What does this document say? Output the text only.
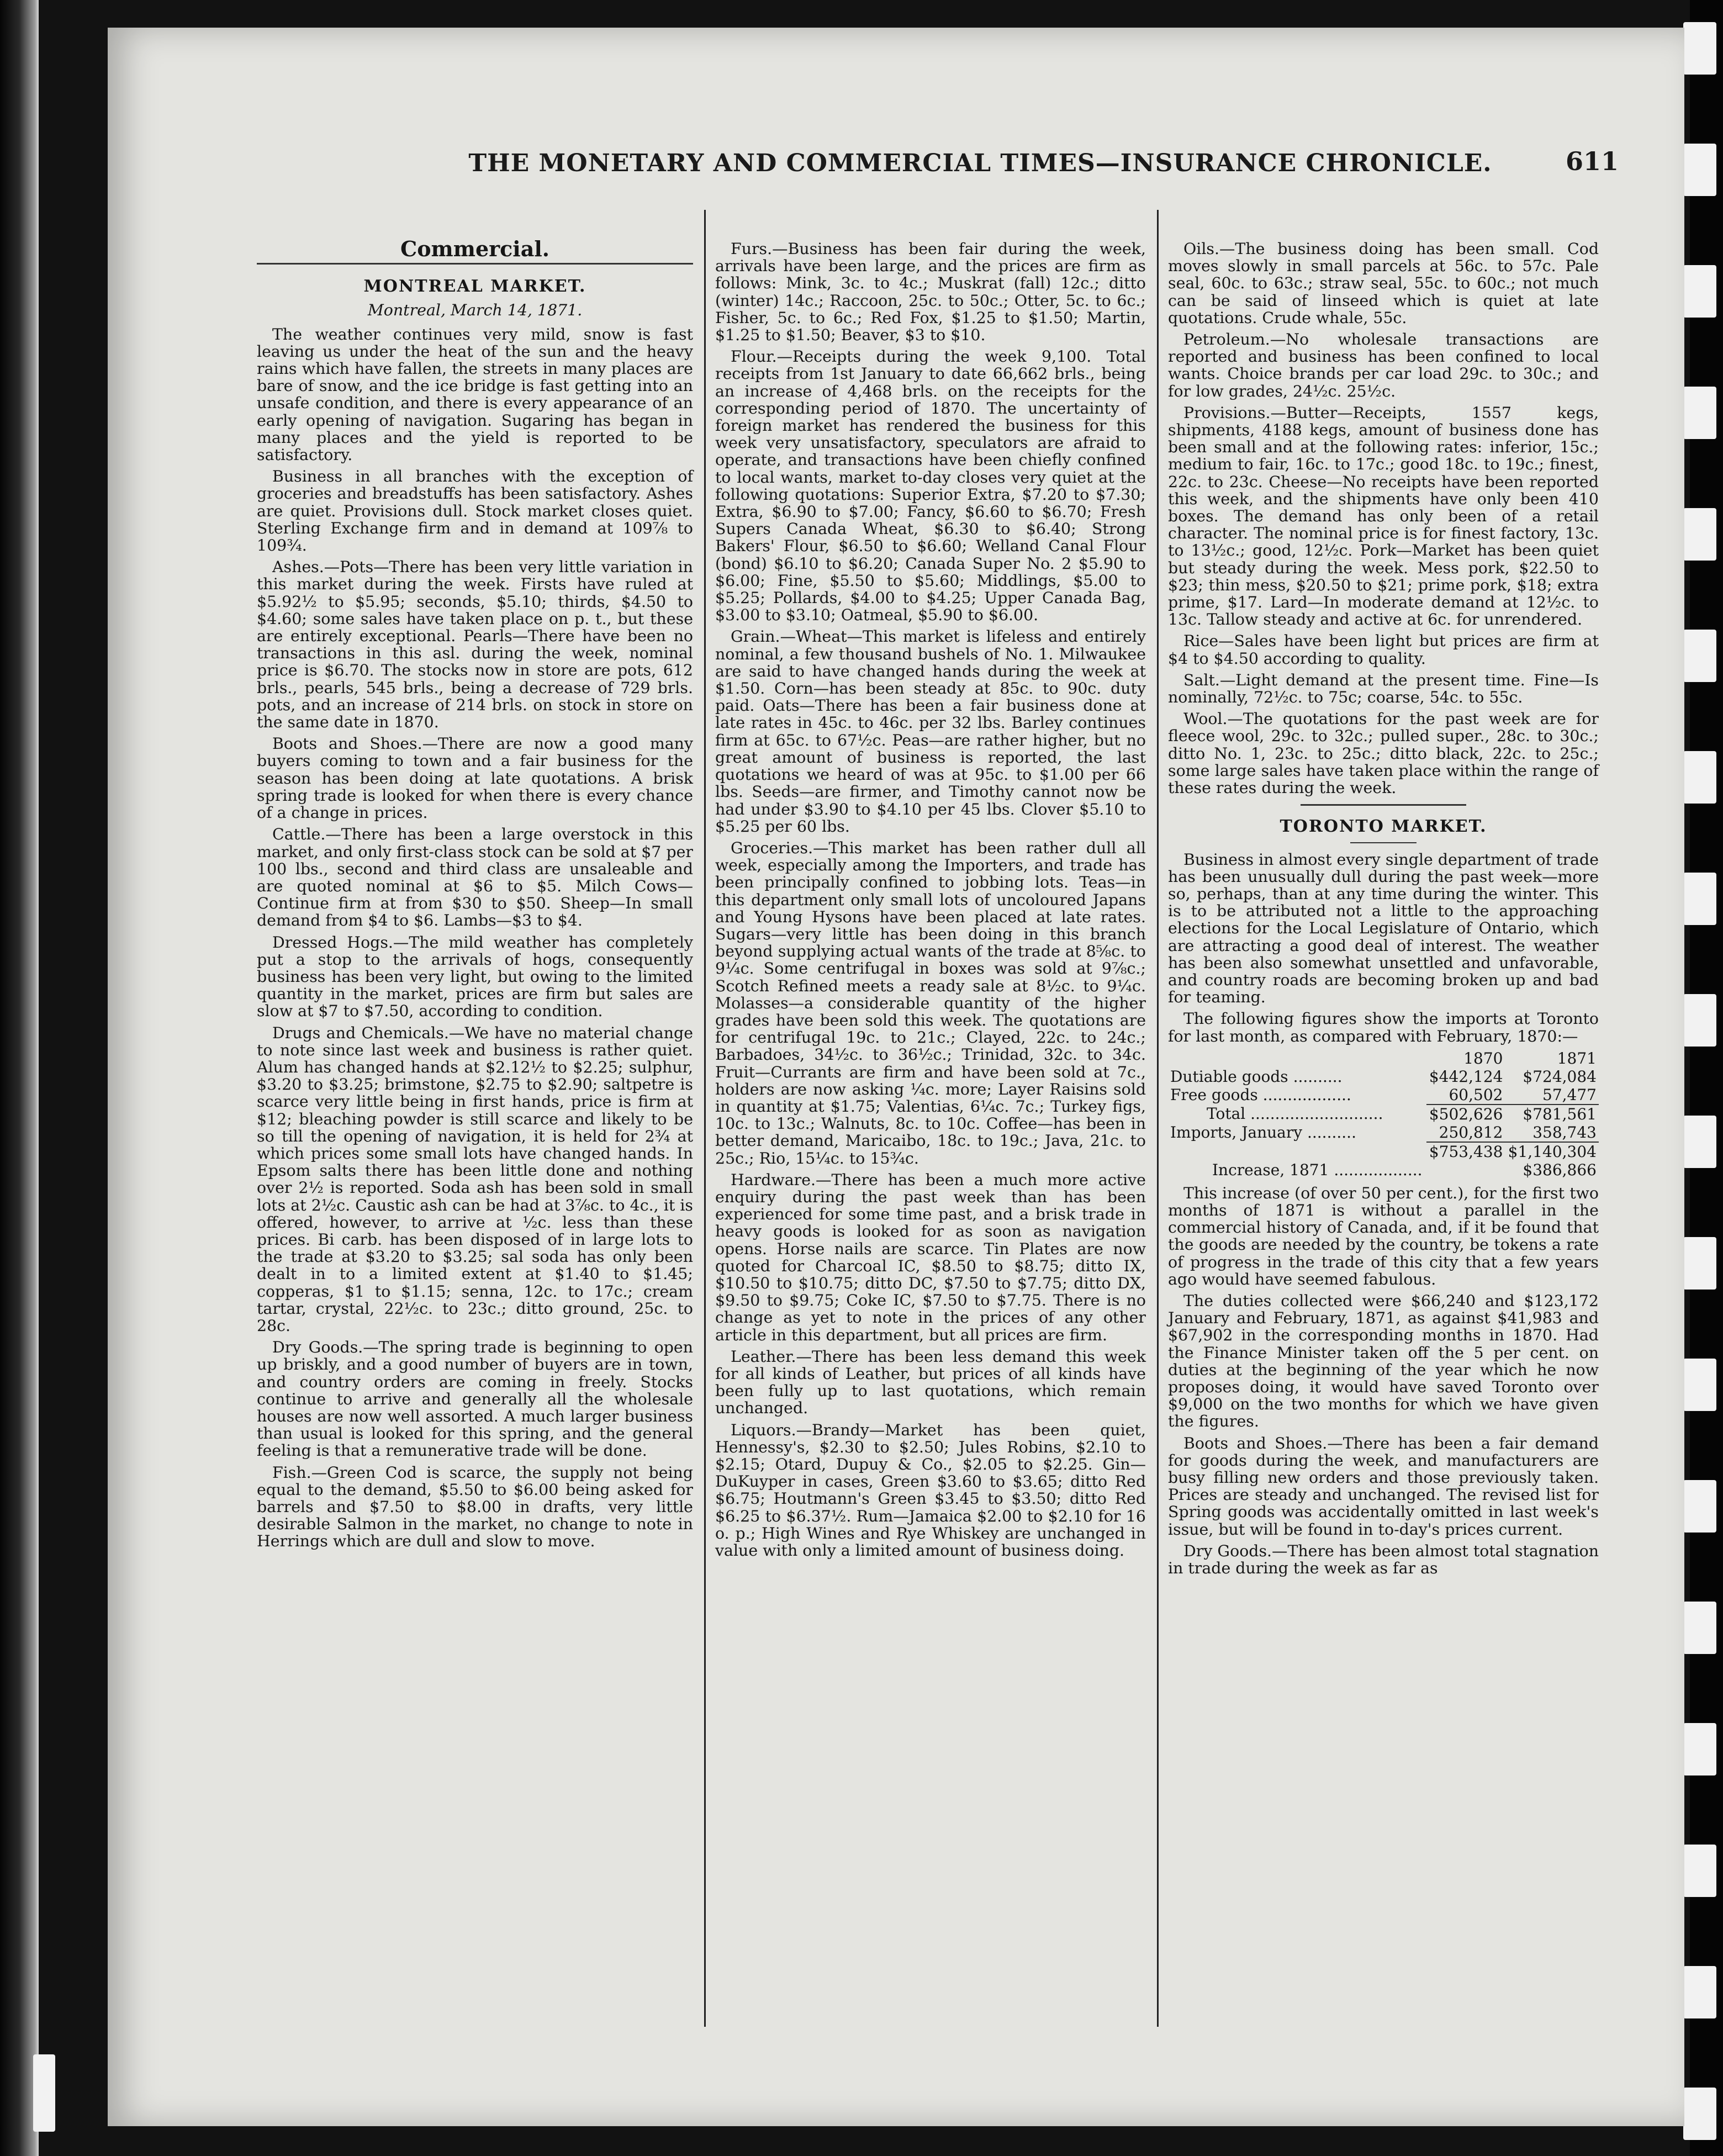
THE MONETARY AND COMMERCIAL TIMES—INSURANCE CHRONICLE.	611
Commercial.
MONTREAL MARKET.

Montreal, March 14, 1871.

The weather continues very mild, snow is fast leaving us under the heat of the sun and the heavy rains which have fallen, the streets in many places are bare of snow, and the ice bridge is fast getting into an unsafe condition, and there is every appearance of an early opening of navigation. Sugaring has began in many places and the yield is reported to be satisfactory.

Business in all branches with the exception of groceries and breadstuffs has been satisfactory. Ashes are quiet. Provisions dull. Stock market closes quiet. Sterling Exchange firm and in demand at 109⅞ to 109¾.

Ashes.—Pots—There has been very little variation in this market during the week. Firsts have ruled at $5.92½ to $5.95; seconds, $5.10; thirds, $4.50 to $4.60; some sales have taken place on p. t., but these are entirely exceptional. Pearls—There have been no transactions in this asl. during the week, nominal price is $6.70. The stocks now in store are pots, 612 brls., pearls, 545 brls., being a decrease of 729 brls. pots, and an increase of 214 brls. on stock in store on the same date in 1870.

Boots and Shoes.—There are now a good many buyers coming to town and a fair business for the season has been doing at late quotations. A brisk spring trade is looked for when there is every chance of a change in prices.

Cattle.—There has been a large overstock in this market, and only first-class stock can be sold at $7 per 100 lbs., second and third class are unsaleable and are quoted nominal at $6 to $5. Milch Cows—Continue firm at from $30 to $50. Sheep—In small demand from $4 to $6. Lambs—$3 to $4.

Dressed Hogs.—The mild weather has completely put a stop to the arrivals of hogs, consequently business has been very light, but owing to the limited quantity in the market, prices are firm but sales are slow at $7 to $7.50, according to condition.

Drugs and Chemicals.—We have no material change to note since last week and business is rather quiet. Alum has changed hands at $2.12½ to $2.25; sulphur, $3.20 to $3.25; brimstone, $2.75 to $2.90; saltpetre is scarce very little being in first hands, price is firm at $12; bleaching powder is still scarce and likely to be so till the opening of navigation, it is held for 2¾ at which prices some small lots have changed hands. In Epsom salts there has been little done and nothing over 2½ is reported. Soda ash has been sold in small lots at 2½c. Caustic ash can be had at 3⅞c. to 4c., it is offered, however, to arrive at ½c. less than these prices. Bi carb. has been disposed of in large lots to the trade at $3.20 to $3.25; sal soda has only been dealt in to a limited extent at $1.40 to $1.45; copperas, $1 to $1.15; senna, 12c. to 17c.; cream tartar, crystal, 22½c. to 23c.; ditto ground, 25c. to 28c.

Dry Goods.—The spring trade is beginning to open up briskly, and a good number of buyers are in town, and country orders are coming in freely. Stocks continue to arrive and generally all the wholesale houses are now well assorted. A much larger business than usual is looked for this spring, and the general feeling is that a remunerative trade will be done.

Fish.—Green Cod is scarce, the supply not being equal to the demand, $5.50 to $6.00 being asked for barrels and $7.50 to $8.00 in drafts, very little desirable Salmon in the market, no change to note in Herrings which are dull and slow to move.

Furs.—Business has been fair during the week, arrivals have been large, and the prices are firm as follows: Mink, 3c. to 4c.; Muskrat (fall) 12c.; ditto (winter) 14c.; Raccoon, 25c. to 50c.; Otter, 5c. to 6c.; Fisher, 5c. to 6c.; Red Fox, $1.25 to $1.50; Martin, $1.25 to $1.50; Beaver, $3 to $10.

Flour.—Receipts during the week 9,100. Total receipts from 1st January to date 66,662 brls., being an increase of 4,468 brls. on the receipts for the corresponding period of 1870. The uncertainty of foreign market has rendered the business for this week very unsatisfactory, speculators are afraid to operate, and transactions have been chiefly confined to local wants, market to-day closes very quiet at the following quotations: Superior Extra, $7.20 to $7.30; Extra, $6.90 to $7.00; Fancy, $6.60 to $6.70; Fresh Supers Canada Wheat, $6.30 to $6.40; Strong Bakers' Flour, $6.50 to $6.60; Welland Canal Flour (bond) $6.10 to $6.20; Canada Super No. 2 $5.90 to $6.00; Fine, $5.50 to $5.60; Middlings, $5.00 to $5.25; Pollards, $4.00 to $4.25; Upper Canada Bag, $3.00 to $3.10; Oatmeal, $5.90 to $6.00.

Grain.—Wheat—This market is lifeless and entirely nominal, a few thousand bushels of No. 1. Milwaukee are said to have changed hands during the week at $1.50. Corn—has been steady at 85c. to 90c. duty paid. Oats—There has been a fair business done at late rates in 45c. to 46c. per 32 lbs. Barley continues firm at 65c. to 67½c. Peas—are rather higher, but no great amount of business is reported, the last quotations we heard of was at 95c. to $1.00 per 66 lbs. Seeds—are firmer, and Timothy cannot now be had under $3.90 to $4.10 per 45 lbs. Clover $5.10 to $5.25 per 60 lbs.

Groceries.—This market has been rather dull all week, especially among the Importers, and trade has been principally confined to jobbing lots. Teas—in this department only small lots of uncoloured Japans and Young Hysons have been placed at late rates. Sugars—very little has been doing in this branch beyond supplying actual wants of the trade at 8⅝c. to 9¼c. Some centrifugal in boxes was sold at 9⅞c.; Scotch Refined meets a ready sale at 8½c. to 9¼c. Molasses—a considerable quantity of the higher grades have been sold this week. The quotations are for centrifugal 19c. to 21c.; Clayed, 22c. to 24c.; Barbadoes, 34½c. to 36½c.; Trinidad, 32c. to 34c. Fruit—Currants are firm and have been sold at 7c., holders are now asking ¼c. more; Layer Raisins sold in quantity at $1.75; Valentias, 6¼c. 7c.; Turkey figs, 10c. to 13c.; Walnuts, 8c. to 10c. Coffee—has been in better demand, Maricaibo, 18c. to 19c.; Java, 21c. to 25c.; Rio, 15¼c. to 15¾c.

Hardware.—There has been a much more active enquiry during the past week than has been experienced for some time past, and a brisk trade in heavy goods is looked for as soon as navigation opens. Horse nails are scarce. Tin Plates are now quoted for Charcoal IC, $8.50 to $8.75; ditto IX, $10.50 to $10.75; ditto DC, $7.50 to $7.75; ditto DX, $9.50 to $9.75; Coke IC, $7.50 to $7.75. There is no change as yet to note in the prices of any other article in this department, but all prices are firm.

Leather.—There has been less demand this week for all kinds of Leather, but prices of all kinds have been fully up to last quotations, which remain unchanged.

Liquors.—Brandy—Market has been quiet, Hennessy's, $2.30 to $2.50; Jules Robins, $2.10 to $2.15; Otard, Dupuy & Co., $2.05 to $2.25. Gin—DuKuyper in cases, Green $3.60 to $3.65; ditto Red $6.75; Houtmann's Green $3.45 to $3.50; ditto Red $6.25 to $6.37½. Rum—Jamaica $2.00 to $2.10 for 16 o. p.; High Wines and Rye Whiskey are unchanged in value with only a limited amount of business doing.

Oils.—The business doing has been small. Cod moves slowly in small parcels at 56c. to 57c. Pale seal, 60c. to 63c.; straw seal, 55c. to 60c.; not much can be said of linseed which is quiet at late quotations. Crude whale, 55c.

Petroleum.—No wholesale transactions are reported and business has been confined to local wants. Choice brands per car load 29c. to 30c.; and for low grades, 24½c. 25½c.

Provisions.—Butter—Receipts, 1557 kegs, shipments, 4188 kegs, amount of business done has been small and at the following rates: inferior, 15c.; medium to fair, 16c. to 17c.; good 18c. to 19c.; finest, 22c. to 23c. Cheese—No receipts have been reported this week, and the shipments have only been 410 boxes. The demand has only been of a retail character. The nominal price is for finest factory, 13c. to 13½c.; good, 12½c. Pork—Market has been quiet but steady during the week. Mess pork, $22.50 to $23; thin mess, $20.50 to $21; prime pork, $18; extra prime, $17. Lard—In moderate demand at 12½c. to 13c. Tallow steady and active at 6c. for unrendered.

Rice—Sales have been light but prices are firm at $4 to $4.50 according to quality.

Salt.—Light demand at the present time. Fine—Is nominally, 72½c. to 75c; coarse, 54c. to 55c.

Wool.—The quotations for the past week are for fleece wool, 29c. to 32c.; pulled super., 28c. to 30c.; ditto No. 1, 23c. to 25c.; ditto black, 22c. to 25c.; some large sales have taken place within the range of these rates during the week.

TORONTO MARKET.

Business in almost every single department of trade has been unusually dull during the past week—more so, perhaps, than at any time during the winter. This is to be attributed not a little to the approaching elections for the Local Legislature of Ontario, which are attracting a good deal of interest. The weather has been also somewhat unsettled and unfavorable, and country roads are becoming broken up and bad for teaming.

The following figures show the imports at Toronto for last month, as compared with February, 1870:—

	1870	1871
Dutiable goods ..........	$442,124	$724,084
Free goods ..................	60,502	57,477
Total ...........................	$502,626	$781,561
Imports, January ..........	250,812	358,743
	$753,438	$1,140,304
Increase, 1871 ..................		$386,866

This increase (of over 50 per cent.), for the first two months of 1871 is without a parallel in the commercial history of Canada, and, if it be found that the goods are needed by the country, be tokens a rate of progress in the trade of this city that a few years ago would have seemed fabulous.

The duties collected were $66,240 and $123,172 January and February, 1871, as against $41,983 and $67,902 in the corresponding months in 1870. Had the Finance Minister taken off the 5 per cent. on duties at the beginning of the year which he now proposes doing, it would have saved Toronto over $9,000 on the two months for which we have given the figures.

Boots and Shoes.—There has been a fair demand for goods during the week, and manufacturers are busy filling new orders and those previously taken. Prices are steady and unchanged. The revised list for Spring goods was accidentally omitted in last week's issue, but will be found in to-day's prices current.

Dry Goods.—There has been almost total stagnation in trade during the week as far as
